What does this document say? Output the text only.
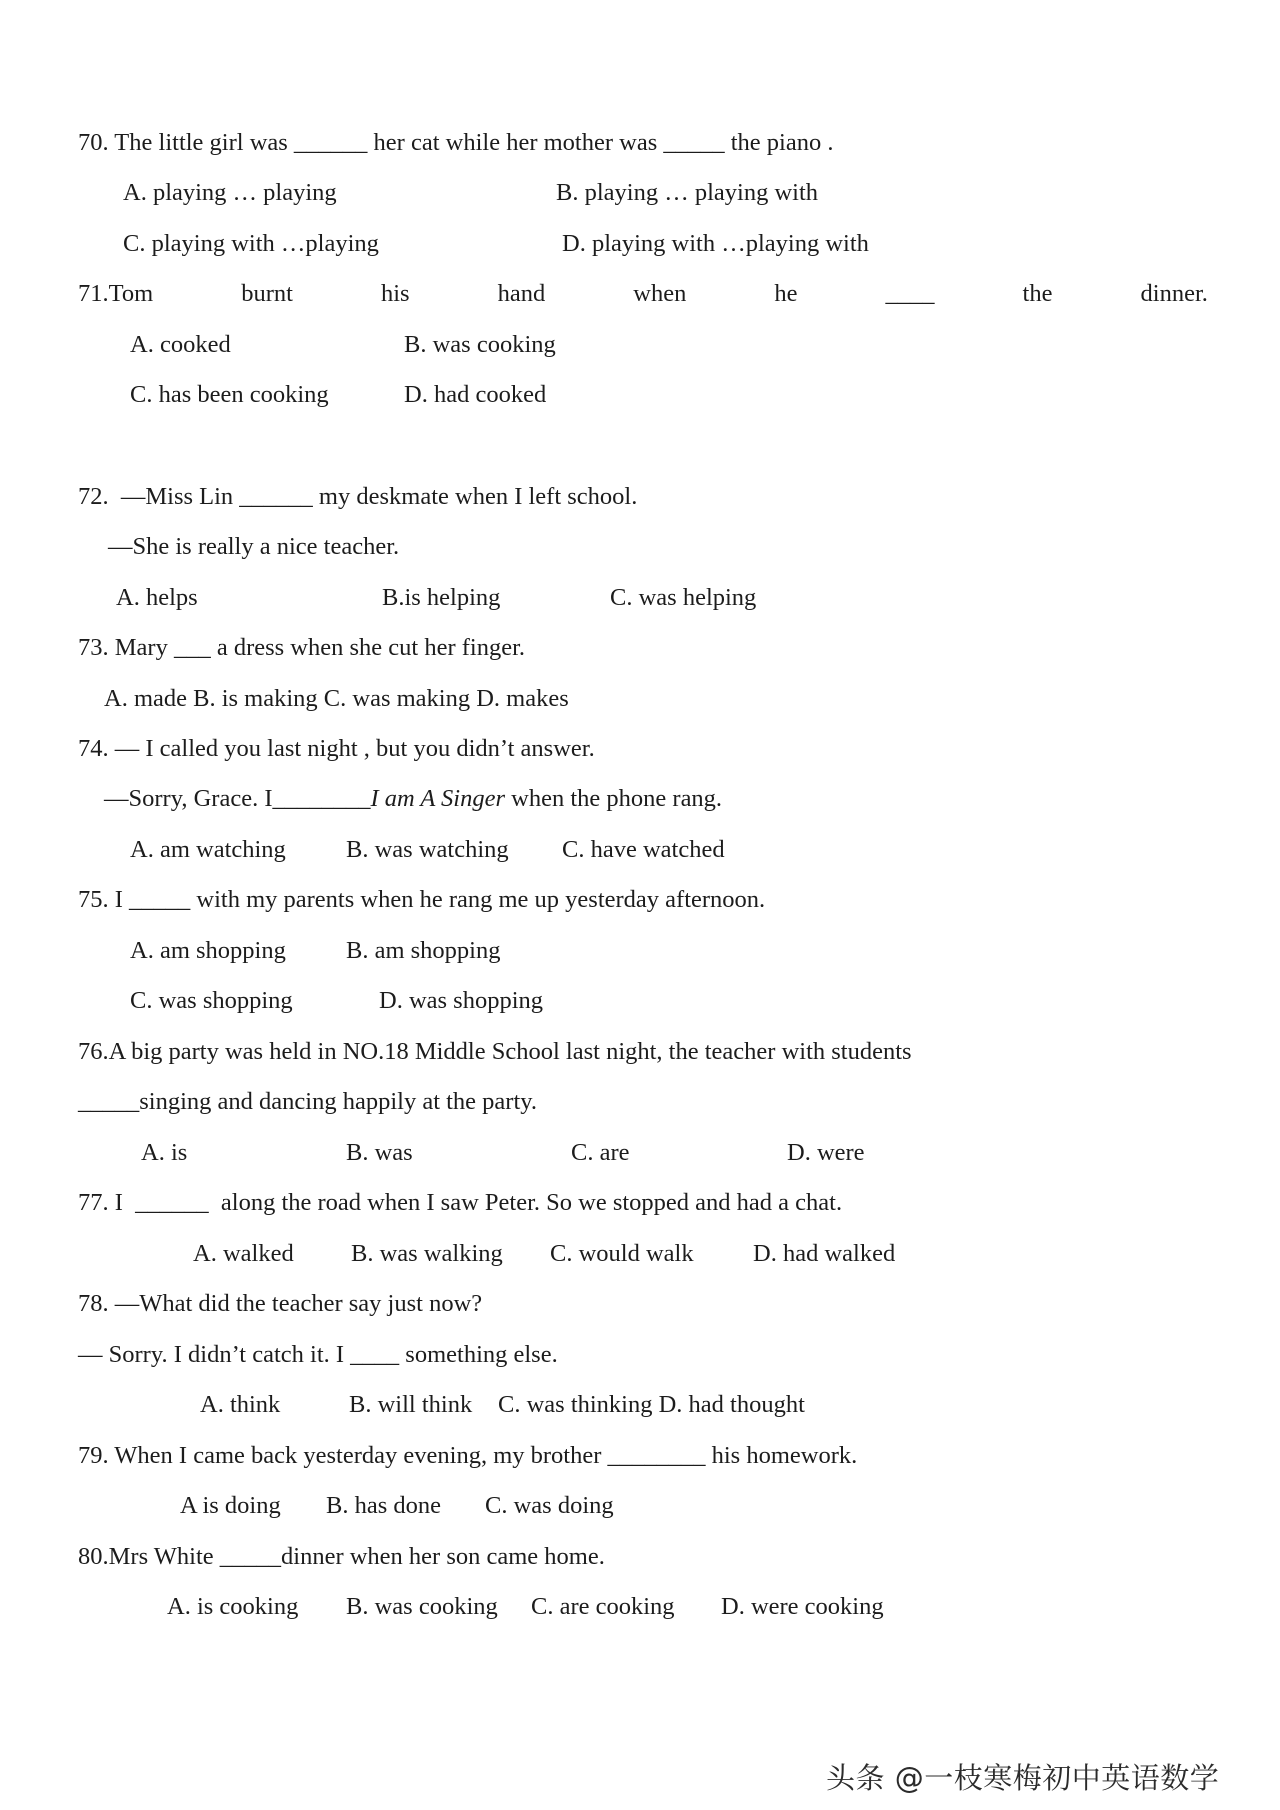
70. The little girl was ______ her cat while her mother was _____ the piano .
A. playing … playing	B. playing … playing with
C. playing with …playing	D. playing with …playing with
71.Tom	burnt	his	hand	when	he	____	the	dinner.
A. cooked	B. was cooking
C. has been cooking	D. had cooked
72.  —Miss Lin ______ my deskmate when I left school.
—She is really a nice teacher.
A. helps	B.is helping	C. was helping
73. Mary ___ a dress when she cut her finger.
A. made B. is making C. was making D. makes
74. — I called you last night , but you didn’t answer.
—Sorry, Grace. I________I am A Singer when the phone rang.
A. am watching B. was watching C. have watched
75. I _____ with my parents when he rang me up yesterday afternoon.
A. am shopping B. am shopping
C. was shopping	D. was shopping
76.A big party was held in NO.18 Middle School last night, the teacher with students
_____singing and dancing happily at the party.
A. is	B. was	C. are	D. were
77. I  ______  along the road when I saw Peter. So we stopped and had a chat.
A. walked B. was walking C. would walk D. had walked
78. —What did the teacher say just now?
— Sorry. I didn’t catch it. I ____ something else.
A. think	B. will think C. was thinking D. had thought
79. When I came back yesterday evening, my brother ________ his homework.
A is doing B. has done C. was doing
80.Mrs White _____dinner when her son came home.
A. is cooking B. was cooking C. are cooking D. were cooking
头条 @一枝寒梅初中英语数学
